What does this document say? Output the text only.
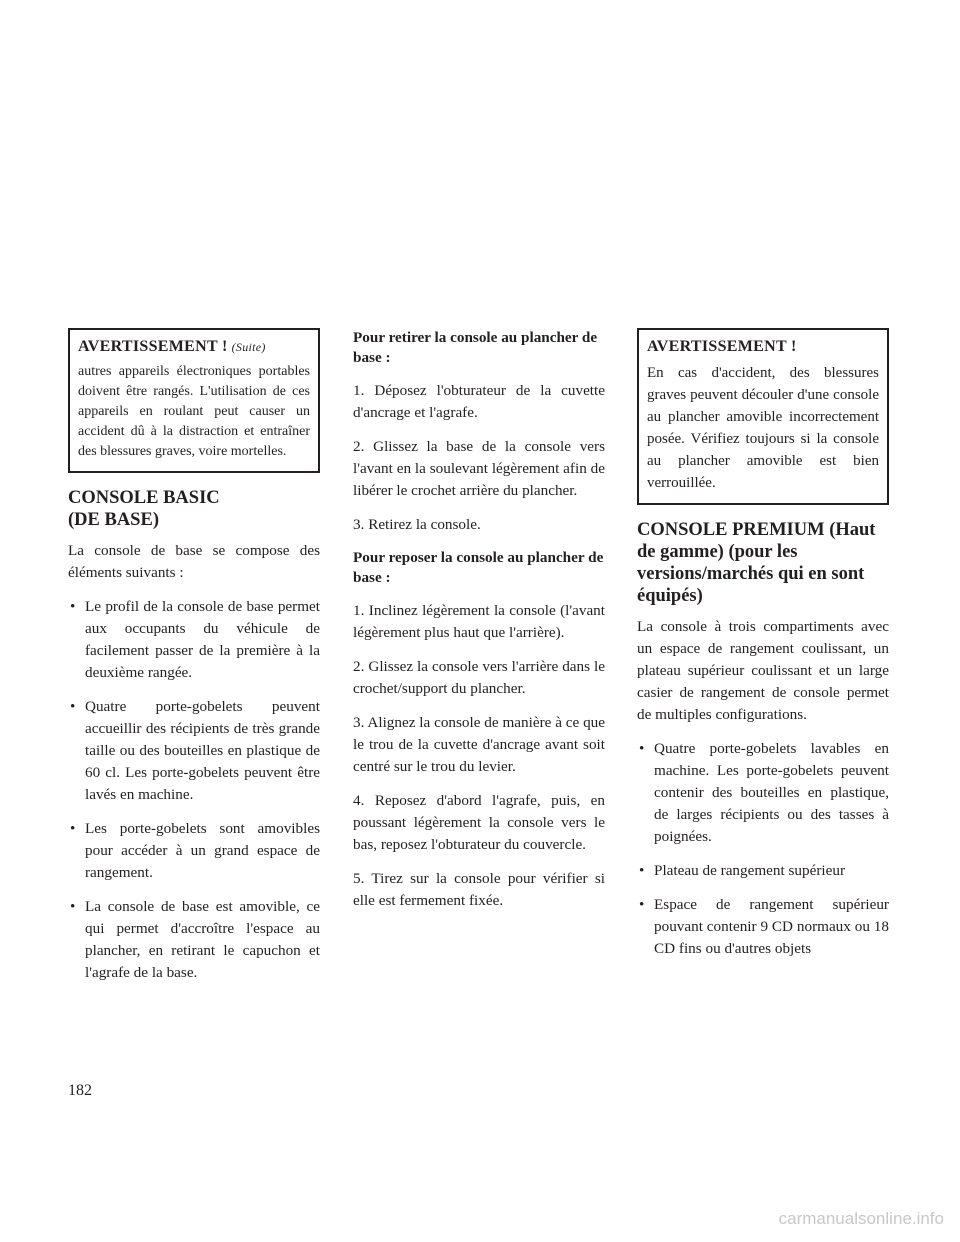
AVERTISSEMENT ! (Suite)

autres appareils électroniques portables doivent être rangés. L'utilisation de ces appareils en roulant peut causer un accident dû à la distraction et entraîner des blessures graves, voire mortelles.

CONSOLE BASIC
(DE BASE)

La console de base se compose des éléments suivants :

• Le profil de la console de base permet aux occupants du véhicule de facilement passer de la première à la deuxième rangée.
• Quatre porte-gobelets peuvent accueillir des récipients de très grande taille ou des bouteilles en plastique de 60 cl. Les porte-gobelets peuvent être lavés en machine.
• Les porte-gobelets sont amovibles pour accéder à un grand espace de rangement.
• La console de base est amovible, ce qui permet d'accroître l'espace au plancher, en retirant le capuchon et l'agrafe de la base.
Pour retirer la console au plancher de base :

1. Déposez l'obturateur de la cuvette d'ancrage et l'agrafe.

2. Glissez la base de la console vers l'avant en la soulevant légèrement afin de libérer le crochet arrière du plancher.

3. Retirez la console.

Pour reposer la console au plancher de base :

1. Inclinez légèrement la console (l'avant légèrement plus haut que l'arrière).

2. Glissez la console vers l'arrière dans le crochet/support du plancher.

3. Alignez la console de manière à ce que le trou de la cuvette d'ancrage avant soit centré sur le trou du levier.

4. Reposez d'abord l'agrafe, puis, en poussant légèrement la console vers le bas, reposez l'obturateur du couvercle.

5. Tirez sur la console pour vérifier si elle est fermement fixée.

AVERTISSEMENT !

En cas d'accident, des blessures graves peuvent découler d'une console au plancher amovible incorrectement posée. Vérifiez toujours si la console au plancher amovible est bien verrouillée.

CONSOLE PREMIUM (Haut de gamme) (pour les versions/marchés qui en sont équipés)

La console à trois compartiments avec un espace de rangement coulissant, un plateau supérieur coulissant et un large casier de rangement de console permet de multiples configurations.

• Quatre porte-gobelets lavables en machine. Les porte-gobelets peuvent contenir des bouteilles en plastique, de larges récipients ou des tasses à poignées.
• Plateau de rangement supérieur
• Espace de rangement supérieur pouvant contenir 9 CD normaux ou 18 CD fins ou d'autres objets
182
carmanualsonline.info
